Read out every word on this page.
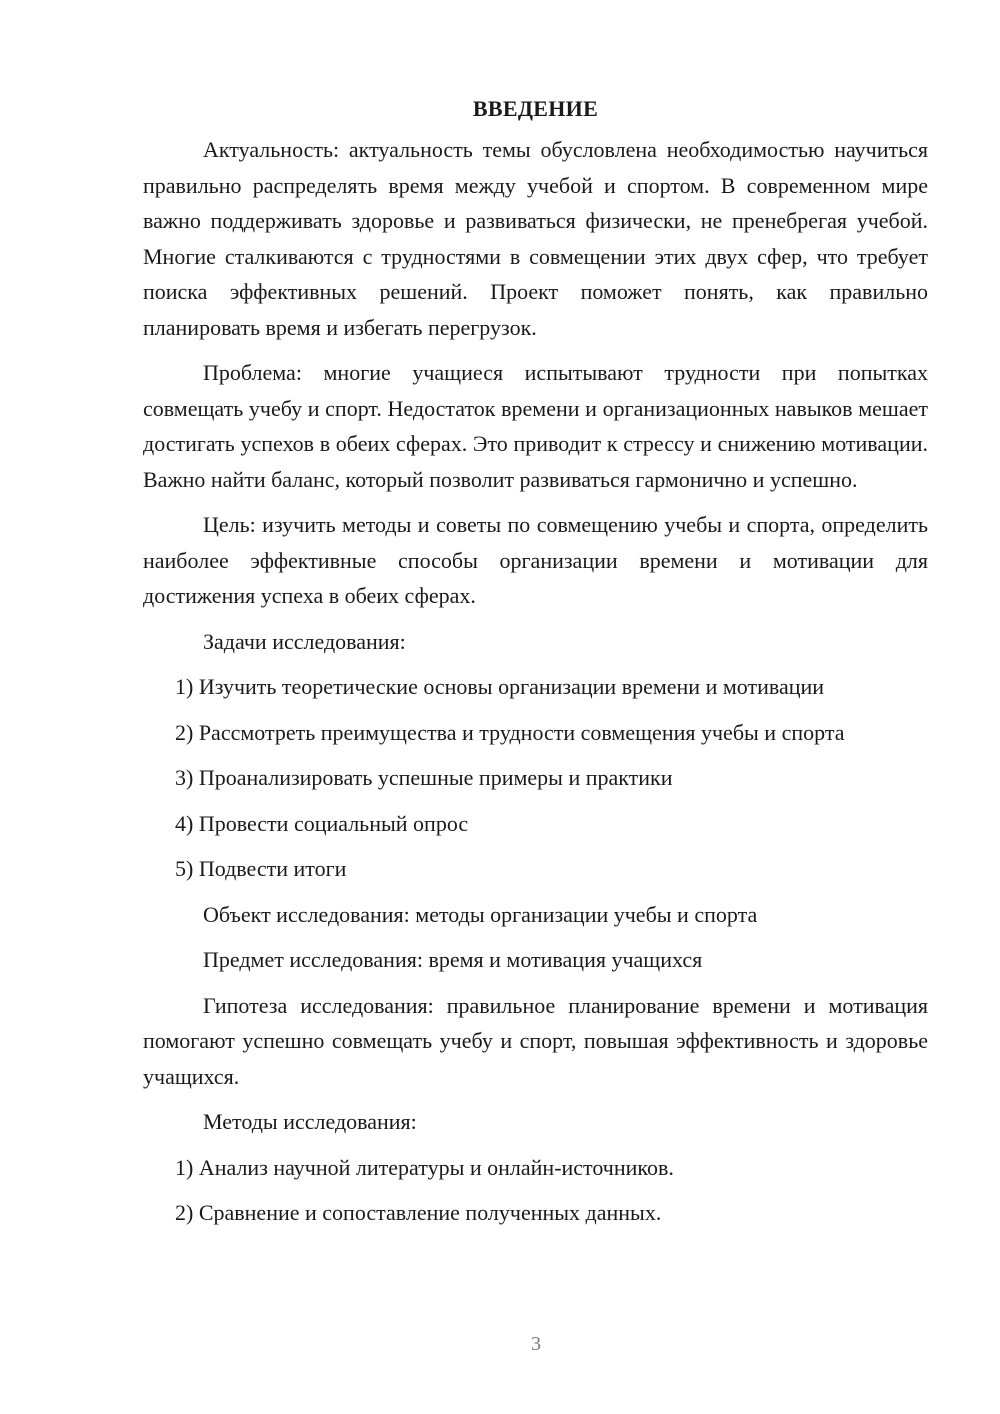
ВВЕДЕНИЕ

Актуальность: актуальность темы обусловлена необходимостью научиться правильно распределять время между учебой и спортом. В современном мире важно поддерживать здоровье и развиваться физически, не пренебрегая учебой. Многие сталкиваются с трудностями в совмещении этих двух сфер, что требует поиска эффективных решений. Проект поможет понять, как правильно планировать время и избегать перегрузок.

Проблема: многие учащиеся испытывают трудности при попытках совмещать учебу и спорт. Недостаток времени и организационных навыков мешает достигать успехов в обеих сферах. Это приводит к стрессу и снижению мотивации. Важно найти баланс, который позволит развиваться гармонично и успешно.

Цель: изучить методы и советы по совмещению учебы и спорта, определить наиболее эффективные способы организации времени и мотивации для достижения успеха в обеих сферах.

Задачи исследования:
1) Изучить теоретические основы организации времени и мотивации
2) Рассмотреть преимущества и трудности совмещения учебы и спорта
3) Проанализировать успешные примеры и практики
4) Провести социальный опрос
5) Подвести итоги
Объект исследования: методы организации учебы и спорта
Предмет исследования: время и мотивация учащихся

Гипотеза исследования: правильное планирование времени и мотивация помогают успешно совмещать учебу и спорт, повышая эффективность и здоровье учащихся.

Методы исследования:
1) Анализ научной литературы и онлайн-источников.
2) Сравнение и сопоставление полученных данных.
3
